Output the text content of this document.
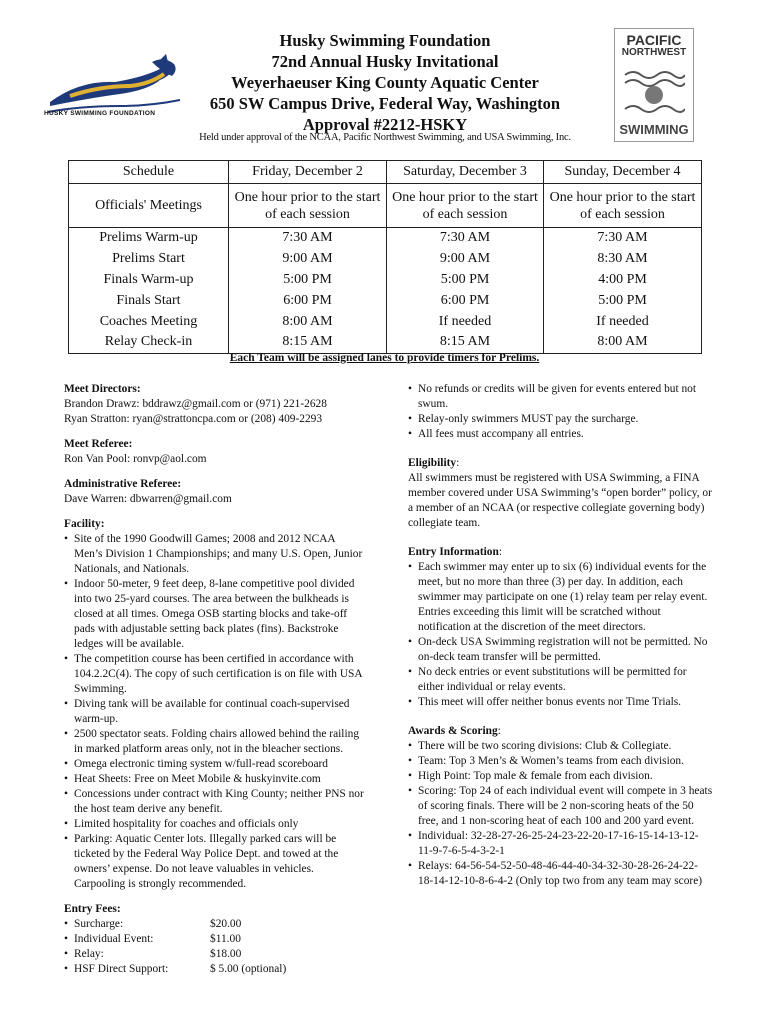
HUSKY SWIMMING FOUNDATION
PACIFIC
NORTHWEST
SWIMMING
Husky Swimming Foundation
72nd Annual Husky Invitational
Weyerhaeuser King County Aquatic Center
650 SW Campus Drive, Federal Way, Washington
Approval #2212-HSKY
Held under approval of the NCAA, Pacific Northwest Swimming, and USA Swimming, Inc.
Schedule	Friday, December 2	Saturday, December 3	Sunday, December 4
Officials' Meetings	One hour prior to the start of each session	One hour prior to the start of each session	One hour prior to the start of each session
Prelims Warm-up	7:30 AM	7:30 AM	7:30 AM
Prelims Start	9:00 AM	9:00 AM	8:30 AM
Finals Warm-up	5:00 PM	5:00 PM	4:00 PM
Finals Start	6:00 PM	6:00 PM	5:00 PM
Coaches Meeting	8:00 AM	If needed	If needed
Relay Check-in	8:15 AM	8:15 AM	8:00 AM
Each Team will be assigned lanes to provide timers for Prelims.
Meet Directors:
Brandon Drawz: bddrawz@gmail.com or (971) 221-2628
Ryan Stratton: ryan@strattoncpa.com or (208) 409-2293
Meet Referee:
Ron Van Pool: ronvp@aol.com
Administrative Referee:
Dave Warren: dbwarren@gmail.com
Facility:
• Site of the 1990 Goodwill Games; 2008 and 2012 NCAA Men’s Division 1 Championships; and many U.S. Open, Junior Nationals, and Nationals.
• Indoor 50-meter, 9 feet deep, 8-lane competitive pool divided into two 25-yard courses. The area between the bulkheads is closed at all times. Omega OSB starting blocks and take-off pads with adjustable setting back plates (fins). Backstroke ledges will be available.
• The competition course has been certified in accordance with 104.2.2C(4). The copy of such certification is on file with USA Swimming.
• Diving tank will be available for continual coach-supervised warm-up.
• 2500 spectator seats. Folding chairs allowed behind the railing in marked platform areas only, not in the bleacher sections.
• Omega electronic timing system w/full-read scoreboard
• Heat Sheets: Free on Meet Mobile & huskyinvite.com
• Concessions under contract with King County; neither PNS nor the host team derive any benefit.
• Limited hospitality for coaches and officials only
• Parking: Aquatic Center lots. Illegally parked cars will be ticketed by the Federal Way Police Dept. and towed at the owners’ expense. Do not leave valuables in vehicles. Carpooling is strongly recommended.
Entry Fees:
• Surcharge:	$20.00
• Individual Event:	$11.00
• Relay:	$18.00
• HSF Direct Support:	$ 5.00 (optional)
• No refunds or credits will be given for events entered but not swum.
• Relay-only swimmers MUST pay the surcharge.
• All fees must accompany all entries.
Eligibility:
All swimmers must be registered with USA Swimming, a FINA member covered under USA Swimming’s “open border” policy, or a member of an NCAA (or respective collegiate governing body) collegiate team.
Entry Information:
• Each swimmer may enter up to six (6) individual events for the meet, but no more than three (3) per day. In addition, each swimmer may participate on one (1) relay team per relay event. Entries exceeding this limit will be scratched without notification at the discretion of the meet directors.
• On-deck USA Swimming registration will not be permitted. No on-deck team transfer will be permitted.
• No deck entries or event substitutions will be permitted for either individual or relay events.
• This meet will offer neither bonus events nor Time Trials.
Awards & Scoring:
• There will be two scoring divisions: Club & Collegiate.
• Team: Top 3 Men’s & Women’s teams from each division.
• High Point: Top male & female from each division.
• Scoring: Top 24 of each individual event will compete in 3 heats of scoring finals. There will be 2 non-scoring heats of the 50 free, and 1 non-scoring heat of each 100 and 200 yard event.
• Individual: 32-28-27-26-25-24-23-22-20-17-16-15-14-13-12-11-9-7-6-5-4-3-2-1
• Relays: 64-56-54-52-50-48-46-44-40-34-32-30-28-26-24-22-18-14-12-10-8-6-4-2 (Only top two from any team may score)
